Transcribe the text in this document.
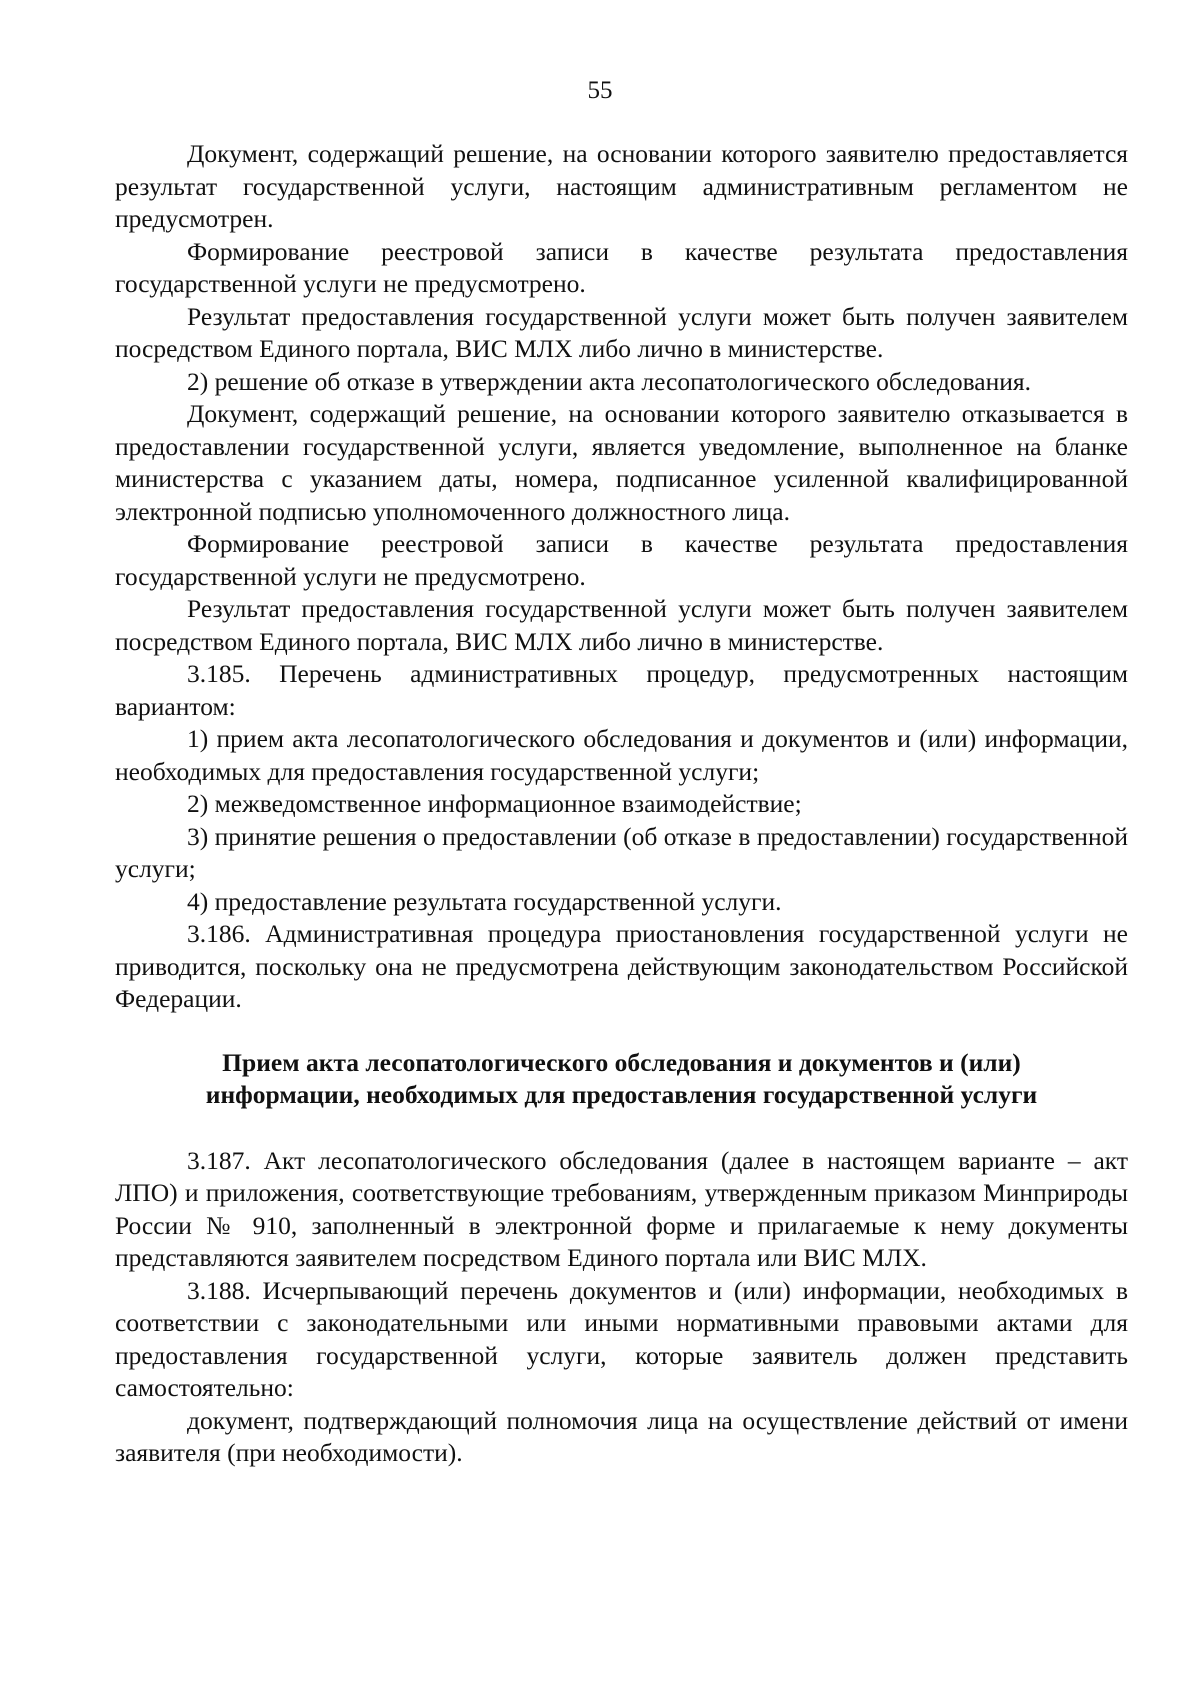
55

Документ, содержащий решение, на основании которого заявителю предоставляется результат государственной услуги, настоящим административным регламентом не предусмотрен.

Формирование реестровой записи в качестве результата предоставления государственной услуги не предусмотрено.

Результат предоставления государственной услуги может быть получен заявителем посредством Единого портала, ВИС МЛХ либо лично в министерстве.

2) решение об отказе в утверждении акта лесопатологического обследования.

Документ, содержащий решение, на основании которого заявителю отказывается в предоставлении государственной услуги, является уведомление, выполненное на бланке министерства с указанием даты, номера, подписанное усиленной квалифицированной электронной подписью уполномоченного должностного лица.

Формирование реестровой записи в качестве результата предоставления государственной услуги не предусмотрено.

Результат предоставления государственной услуги может быть получен заявителем посредством Единого портала, ВИС МЛХ либо лично в министерстве.

3.185. Перечень административных процедур, предусмотренных настоящим вариантом:

1) прием акта лесопатологического обследования и документов и (или) информации, необходимых для предоставления государственной услуги;

2) межведомственное информационное взаимодействие;

3) принятие решения о предоставлении (об отказе в предоставлении) государственной услуги;

4) предоставление результата государственной услуги.

3.186. Административная процедура приостановления государственной услуги не приводится, поскольку она не предусмотрена действующим законодательством Российской Федерации.

Прием акта лесопатологического обследования и документов и (или)
информации, необходимых для предоставления государственной услуги

3.187. Акт лесопатологического обследования (далее в настоящем варианте – акт ЛПО) и приложения, соответствующие требованиям, утвержденным приказом Минприроды России № 910, заполненный в электронной форме и прилагаемые к нему документы представляются заявителем посредством Единого портала или ВИС МЛХ.

3.188. Исчерпывающий перечень документов и (или) информации, необходимых в соответствии с законодательными или иными нормативными правовыми актами для предоставления государственной услуги, которые заявитель должен представить самостоятельно:

документ, подтверждающий полномочия лица на осуществление действий от имени заявителя (при необходимости).
